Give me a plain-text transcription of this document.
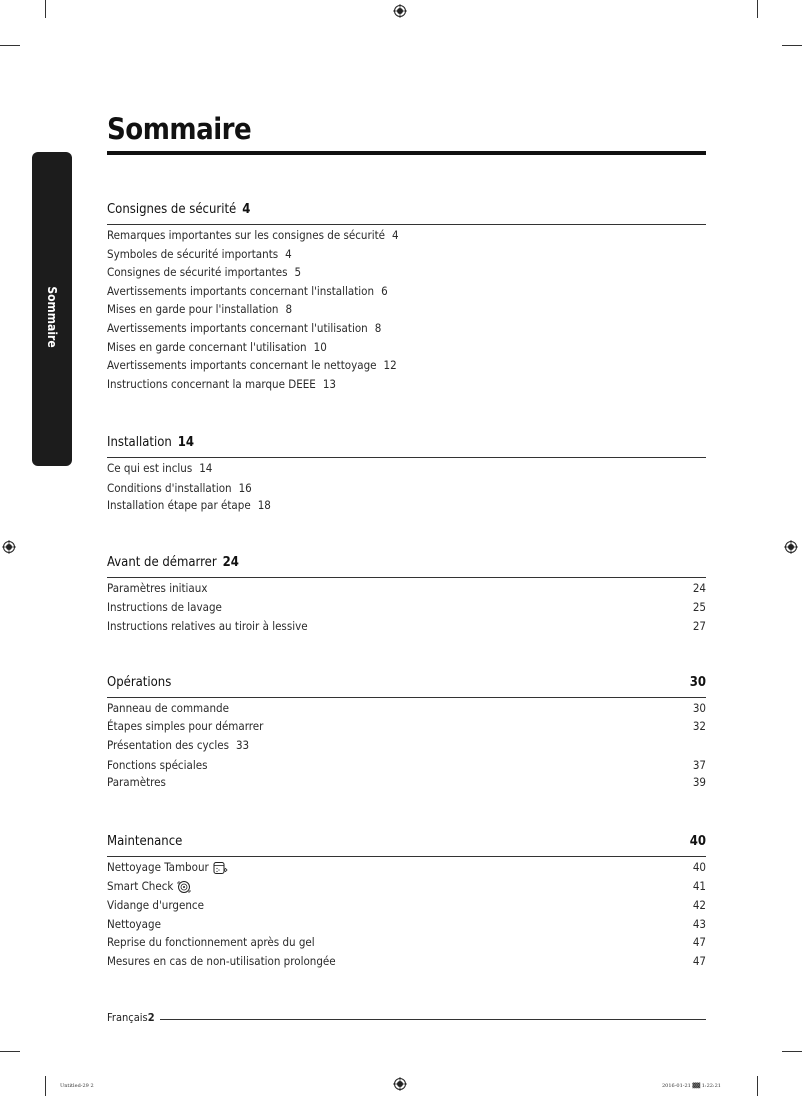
Sommaire
Sommaire
Consignes de sécurité 4
Remarques importantes sur les consignes de sécurité 4
Symboles de sécurité importants 4
Consignes de sécurité importantes 5
Avertissements importants concernant l'installation 6
Mises en garde pour l'installation 8
Avertissements importants concernant l'utilisation 8
Mises en garde concernant l'utilisation 10
Avertissements importants concernant le nettoyage 12
Instructions concernant la marque DEEE 13
Installation 14
Ce qui est inclus 14
Conditions d'installation 16
Installation étape par étape 18
Avant de démarrer 24
Paramètres initiaux	24
Instructions de lavage	25
Instructions relatives au tiroir à lessive	27
Opérations	30
Panneau de commande	30
Étapes simples pour démarrer	32
Présentation des cycles 33
Fonctions spéciales	37
Paramètres	39
Maintenance	40
Nettoyage Tambour	40
Smart Check	41
Vidange d'urgence	42
Nettoyage	43
Reprise du fonctionnement après du gel	47
Mesures en cas de non-utilisation prolongée	47
Français2
Untitled-29 2	2016-01-21 ▓▓ 1:22:21
